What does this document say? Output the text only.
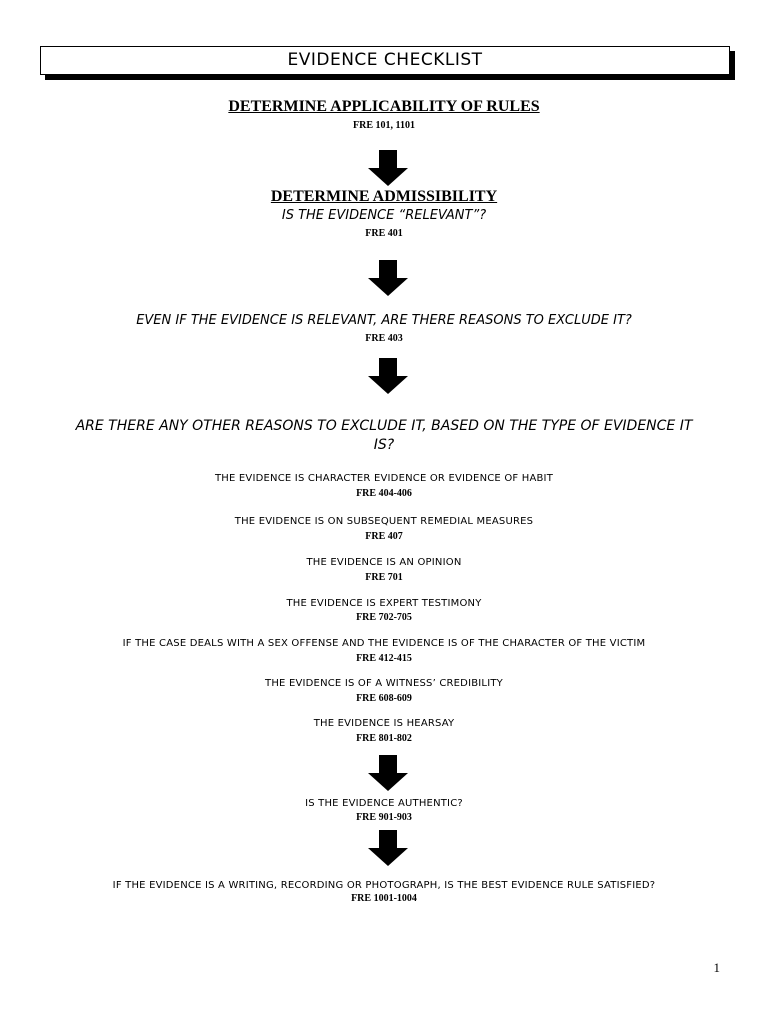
EVIDENCE CHECKLIST
DETERMINE APPLICABILITY OF RULES
FRE 101, 1101
DETERMINE ADMISSIBILITY
IS THE EVIDENCE “RELEVANT”?
FRE 401
EVEN IF THE EVIDENCE IS RELEVANT, ARE THERE REASONS TO EXCLUDE IT?
FRE 403
ARE THERE ANY OTHER REASONS TO EXCLUDE IT, BASED ON THE TYPE OF EVIDENCE IT
IS?
THE EVIDENCE IS CHARACTER EVIDENCE OR EVIDENCE OF HABIT
FRE 404-406
THE EVIDENCE IS ON SUBSEQUENT REMEDIAL MEASURES
FRE 407
THE EVIDENCE IS AN OPINION
FRE 701
THE EVIDENCE IS EXPERT TESTIMONY
FRE 702-705
IF THE CASE DEALS WITH A SEX OFFENSE AND THE EVIDENCE IS OF THE CHARACTER OF THE VICTIM
FRE 412-415
THE EVIDENCE IS OF A WITNESS’ CREDIBILITY
FRE 608-609
THE EVIDENCE IS HEARSAY
FRE 801-802
IS THE EVIDENCE AUTHENTIC?
FRE 901-903
IF THE EVIDENCE IS A WRITING, RECORDING OR PHOTOGRAPH, IS THE BEST EVIDENCE RULE SATISFIED?
FRE 1001-1004
1
